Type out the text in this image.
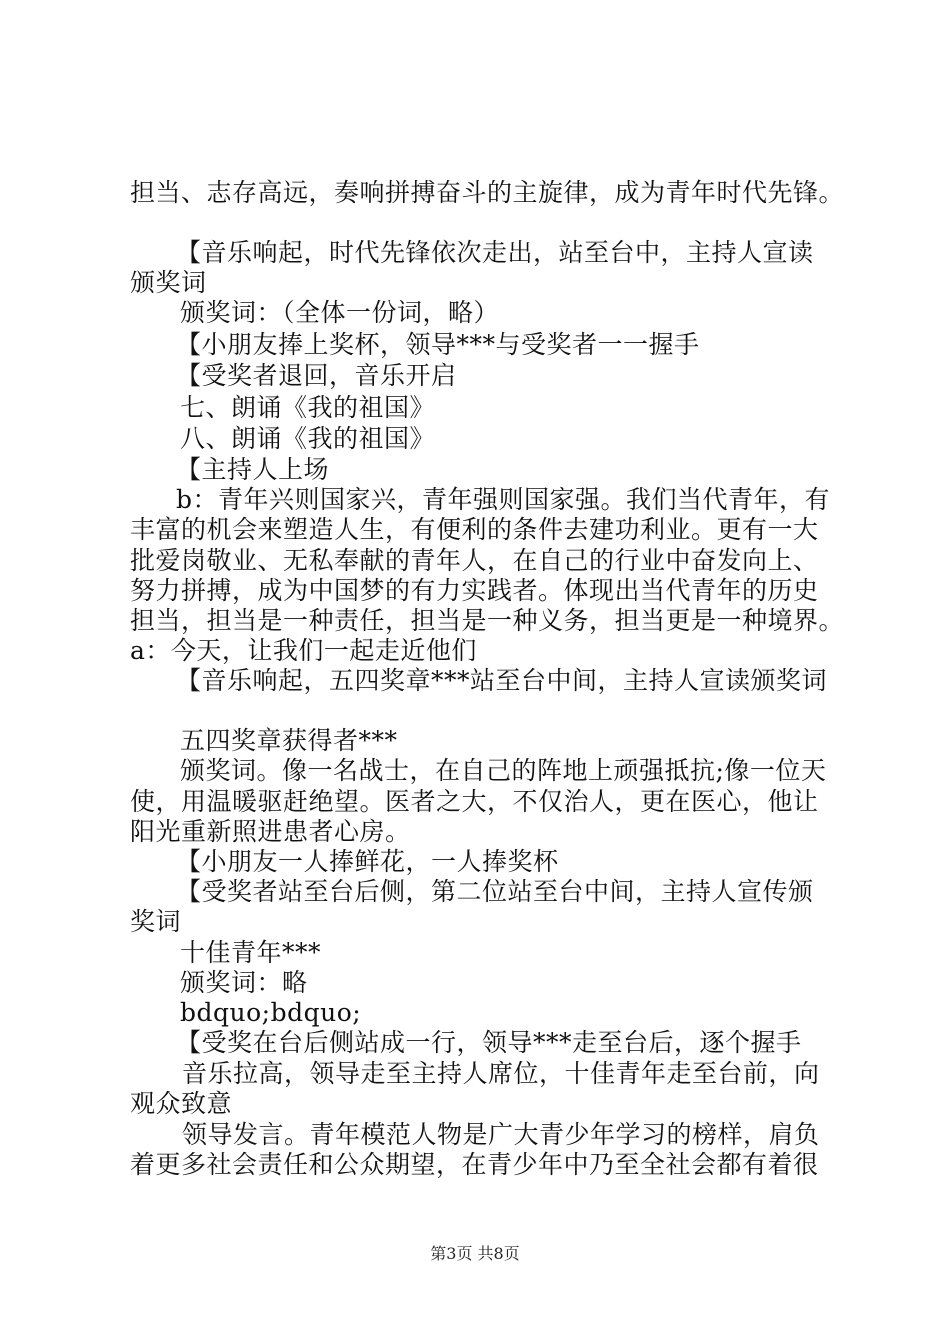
担当、志存高远，奏响拼搏奋斗的主旋律，成为青年时代先锋。
【音乐响起，时代先锋依次走出，站至台中，主持人宣读
颁奖词
颁奖词：（全体一份词，略）
【小朋友捧上奖杯，领导***与受奖者一一握手
【受奖者退回，音乐开启
七、朗诵《我的祖国》
八、朗诵《我的祖国》
【主持人上场
b：青年兴则国家兴，青年强则国家强。我们当代青年，有
丰富的机会来塑造人生，有便利的条件去建功利业。更有一大
批爱岗敬业、无私奉献的青年人，在自己的行业中奋发向上、
努力拼搏，成为中国梦的有力实践者。体现出当代青年的历史
担当，担当是一种责任，担当是一种义务，担当更是一种境界。
a：今天，让我们一起走近他们
【音乐响起，五四奖章***站至台中间，主持人宣读颁奖词
五四奖章获得者***
颁奖词。像一名战士，在自己的阵地上顽强抵抗;像一位天
使，用温暖驱赶绝望。医者之大，不仅治人，更在医心，他让
阳光重新照进患者心房。
【小朋友一人捧鲜花，一人捧奖杯
【受奖者站至台后侧，第二位站至台中间，主持人宣传颁
奖词
十佳青年***
颁奖词：略
bdquo;bdquo;
【受奖在台后侧站成一行，领导***走至台后，逐个握手
音乐拉高，领导走至主持人席位，十佳青年走至台前，向
观众致意
领导发言。青年模范人物是广大青少年学习的榜样，肩负
着更多社会责任和公众期望，在青少年中乃至全社会都有着很
第3页 共8页
